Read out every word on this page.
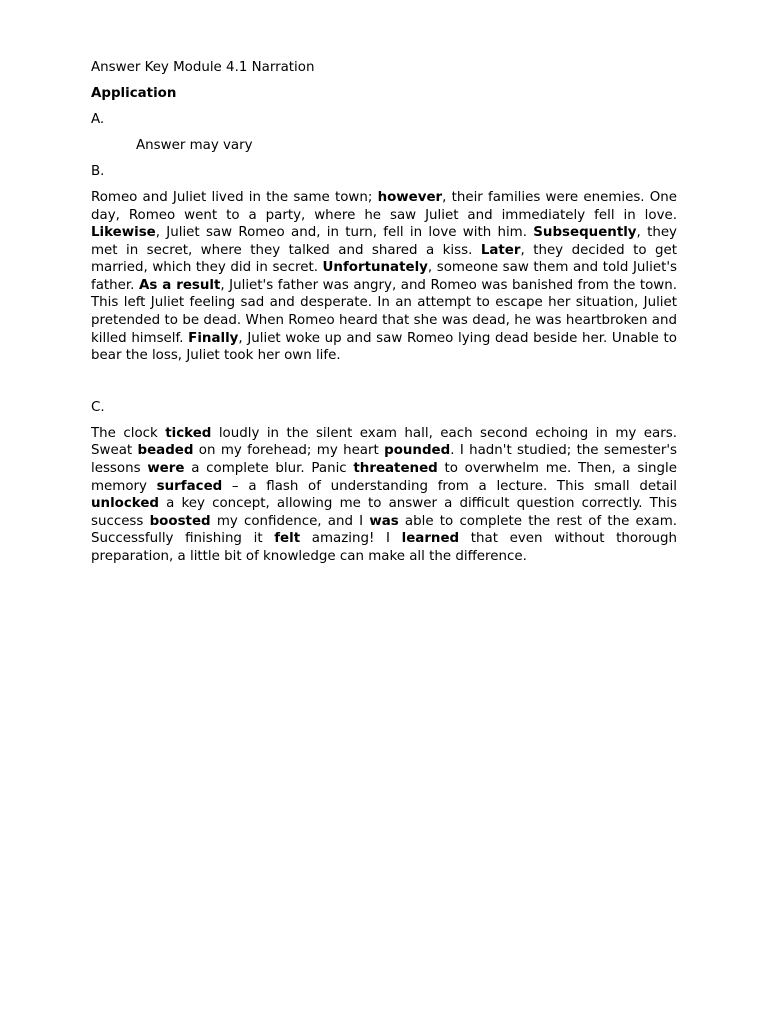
Answer Key Module 4.1 Narration

Application

A.

Answer may vary

B.

Romeo and Juliet lived in the same town; however, their families were enemies. One day, Romeo went to a party, where he saw Juliet and immediately fell in love. Likewise, Juliet saw Romeo and, in turn, fell in love with him. Subsequently, they met in secret, where they talked and shared a kiss. Later, they decided to get married, which they did in secret. Unfortunately, someone saw them and told Juliet's father. As a result, Juliet's father was angry, and Romeo was banished from the town. This left Juliet feeling sad and desperate. In an attempt to escape her situation, Juliet pretended to be dead. When Romeo heard that she was dead, he was heartbroken and killed himself. Finally, Juliet woke up and saw Romeo lying dead beside her. Unable to bear the loss, Juliet took her own life.

C.

The clock ticked loudly in the silent exam hall, each second echoing in my ears. Sweat beaded on my forehead; my heart pounded. I hadn't studied; the semester's lessons were a complete blur. Panic threatened to overwhelm me. Then, a single memory surfaced – a flash of understanding from a lecture. This small detail unlocked a key concept, allowing me to answer a difficult question correctly. This success boosted my confidence, and I was able to complete the rest of the exam. Successfully finishing it felt amazing! I learned that even without thorough preparation, a little bit of knowledge can make all the difference.
